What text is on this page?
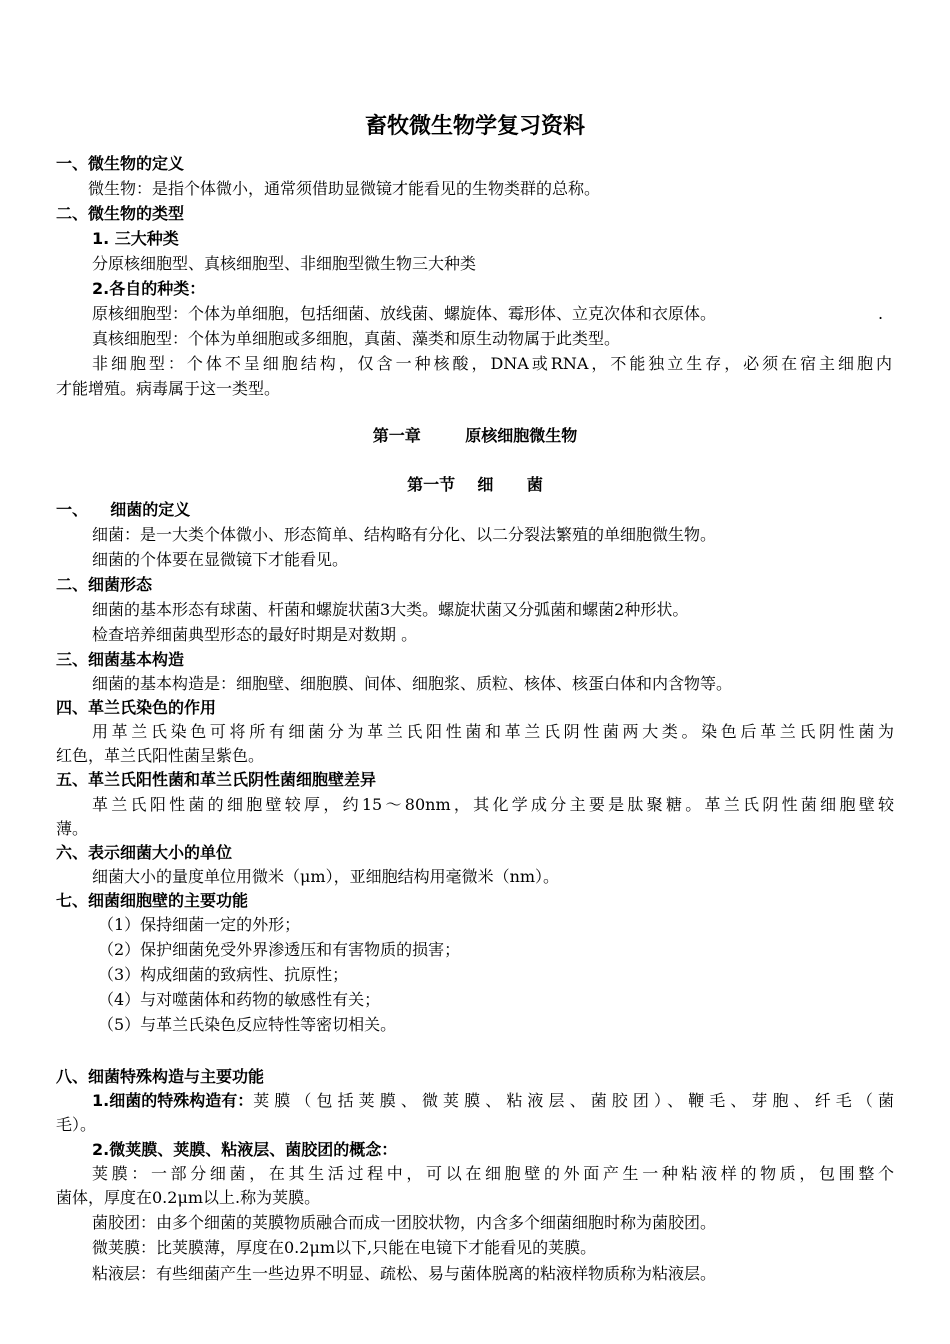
畜牧微生物学复习资料
一、微生物的定义
微生物：是指个体微小，通常须借助显微镜才能看见的生物类群的总称。
二、微生物的类型
1. 三大种类
分原核细胞型、真核细胞型、非细胞型微生物三大种类
2.各自的种类：
原核细胞型：个体为单细胞，包括细菌、放线菌、螺旋体、霉形体、立克次体和衣原体。	.
真核细胞型：个体为单细胞或多细胞，真菌、藻类和原生动物属于此类型。
非细胞型：个体不呈细胞结构，仅含一种核酸，DNA或RNA，不能独立生存，必须在宿主细胞内
才能增殖。病毒属于这一类型。
第一章        原核细胞微生物
第一节    细      菌
一、    细菌的定义
细菌：是一大类个体微小、形态简单、结构略有分化、以二分裂法繁殖的单细胞微生物。
细菌的个体要在显微镜下才能看见。
二、细菌形态
细菌的基本形态有球菌、杆菌和螺旋状菌3大类。螺旋状菌又分弧菌和螺菌2种形状。
检查培养细菌典型形态的最好时期是对数期 。
三、细菌基本构造
细菌的基本构造是：细胞壁、细胞膜、间体、细胞浆、质粒、核体、核蛋白体和内含物等。
四、革兰氏染色的作用
用革兰氏染色可将所有细菌分为革兰氏阳性菌和革兰氏阴性菌两大类。染色后革兰氏阴性菌为
红色，革兰氏阳性菌呈紫色。
五、革兰氏阳性菌和革兰氏阴性菌细胞壁差异
革兰氏阳性菌的细胞壁较厚，约15～80nm，其化学成分主要是肽聚糖。革兰氏阴性菌细胞壁较
薄。
六、表示细菌大小的单位
细菌大小的量度单位用微米（μm），亚细胞结构用毫微米（nm）。
七、细菌细胞壁的主要功能
（1）保持细菌一定的外形；
（2）保护细菌免受外界渗透压和有害物质的损害；
（3）构成细菌的致病性、抗原性；
（4）与对噬菌体和药物的敏感性有关；
（5）与革兰氏染色反应特性等密切相关。
八、细菌特殊构造与主要功能
1.细菌的特殊构造有： 荚膜（包括荚膜、微荚膜、粘液层、菌胶团）、鞭毛、芽胞、纤毛（菌
毛）。
2.微荚膜、荚膜、粘液层、菌胶团的概念：
荚膜：一部分细菌，在其生活过程中，可以在细胞壁的外面产生一种粘液样的物质，包围整个
菌体，厚度在0.2μm以上.称为荚膜。
菌胶团：由多个细菌的荚膜物质融合而成一团胶状物，内含多个细菌细胞时称为菌胶团。
微荚膜：比荚膜薄，厚度在0.2μm以下,只能在电镜下才能看见的荚膜。
粘液层：有些细菌产生一些边界不明显、疏松、易与菌体脱离的粘液样物质称为粘液层。
